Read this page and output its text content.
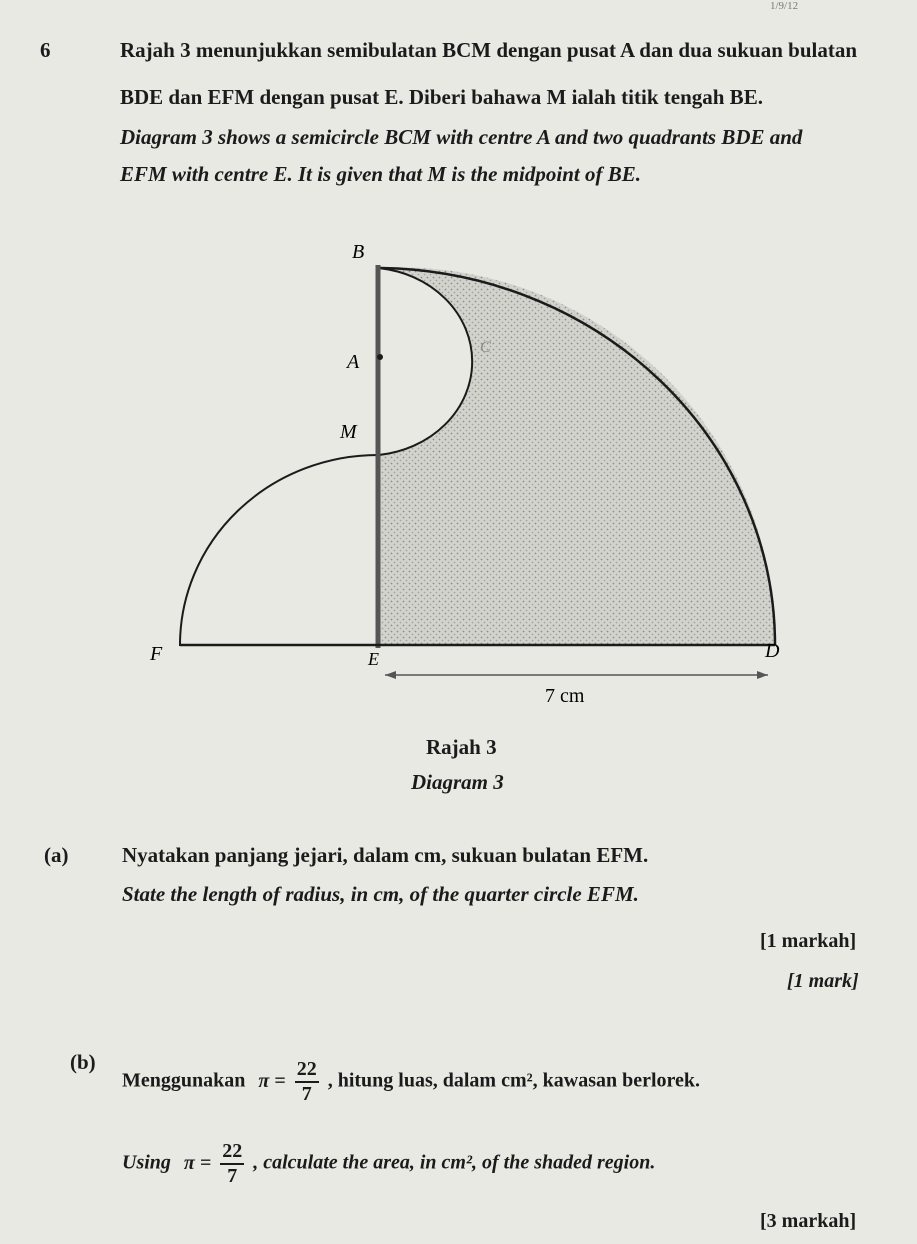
1/9/12
6	Rajah 3 menunjukkan semibulatan BCM dengan pusat A dan dua sukuan bulatan
BDE dan EFM dengan pusat E. Diberi bahawa M ialah titik tengah BE.
Diagram 3 shows a semicircle BCM with centre A and two quadrants BDE and
EFM with centre E. It is given that M is the midpoint of BE.
B
A
C
M
F	E	D
7 cm
Rajah 3
Diagram 3
(a)	Nyatakan panjang jejari, dalam cm, sukuan bulatan EFM.
State the length of radius, in cm, of the quarter circle EFM.
[1 markah]
[1 mark]
(b)
Menggunakan $\pi = \frac{22}{7}$ , hitung luas, dalam cm², kawasan berlorek.
Using $\pi = \frac{22}{7}$ , calculate the area, in cm², of the shaded region.
[3 markah]
